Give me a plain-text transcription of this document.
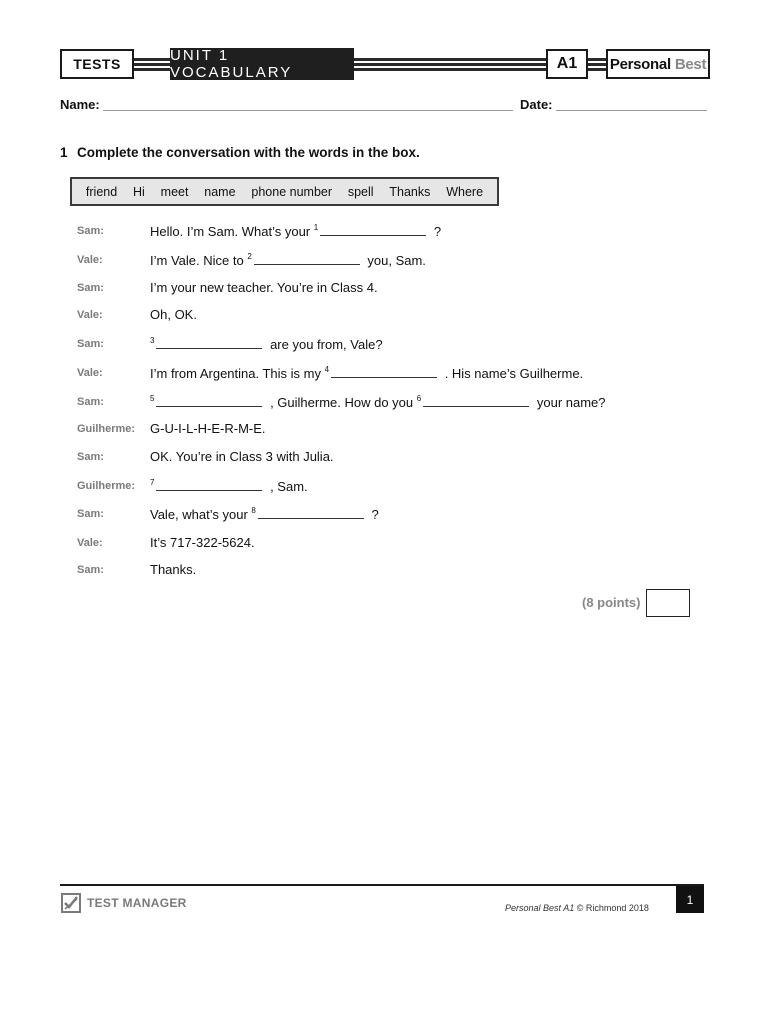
TESTS	UNIT 1 VOCABULARY
A1	Personal Best
Name:	Date:
1 Complete the conversation with the words in the box.
friend Hi meet name phone number spell Thanks Where
Sam:	Hello. I’m Sam. What’s your $^1$	?
Vale:	I’m Vale. Nice to $^2$	you, Sam.
Sam:	I’m your new teacher. You’re in Class 4.
Vale:	Oh, OK.
Sam:	$^3$	are you from, Vale?
Vale:	I’m from Argentina. This is my $^4$	. His name’s Guilherme.
Sam:	$^5$	, Guilherme. How do you $^6$	your name?
Guilherme: G-U-I-L-H-E-R-M-E.
Sam:	OK. You’re in Class 3 with Julia.
Guilherme: $^7$	, Sam.
Sam:	Vale, what’s your $^8$	?
Vale:	It’s 717-322-5624.
Sam:	Thanks.
(8 points)
TEST MANAGER	Personal Best A1 © Richmond 2018
1
